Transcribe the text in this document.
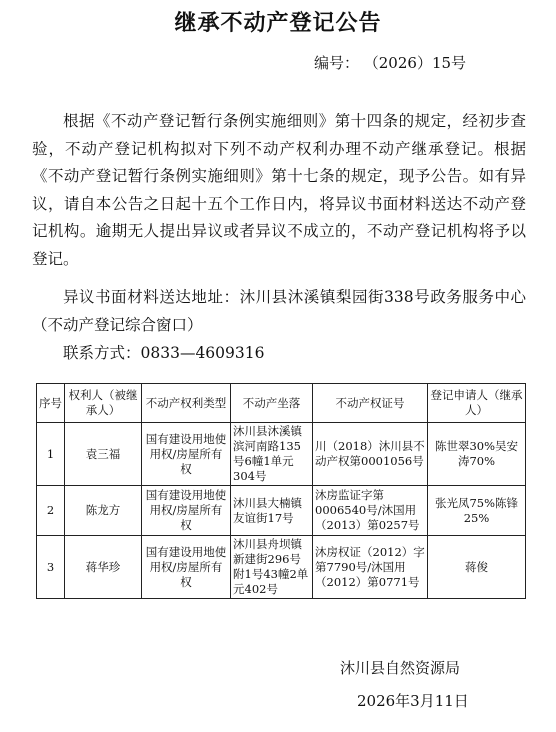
继承不动产登记公告
编号： （2026）15号

根据《不动产登记暂行条例实施细则》第十四条的规定，经初步查验，不动产登记机构拟对下列不动产权利办理不动产继承登记。根据《不动产登记暂行条例实施细则》第十七条的规定，现予公告。如有异议，请自本公告之日起十五个工作日内，将异议书面材料送达不动产登记机构。逾期无人提出异议或者异议不成立的，不动产登记机构将予以登记。

异议书面材料送达地址：沐川县沐溪镇梨园街338号政务服务中心（不动产登记综合窗口）

联系方式：0833—4609316

序号	权利人（被继承人）	不动产权利类型	不动产坐落	不动产权证号	登记申请人（继承人）
1	袁三福	国有建设用地使用权/房屋所有权	沐川县沐溪镇滨河南路135号6幢1单元304号	川（2018）沐川县不动产权第0001056号	陈世翠30%吴安涛70%
2	陈龙方	国有建设用地使用权/房屋所有权	沐川县大楠镇友谊街17号	沐房监证字第0006540号/沐国用（2013）第0257号	张光凤75%陈锋25%
3	蒋华珍	国有建设用地使用权/房屋所有权	沐川县舟坝镇新建街296号附1号43幢2单元402号	沐房权证（2012）字第7790号/沐国用（2012）第0771号	蒋俊
沐川县自然资源局
2026年3月11日
